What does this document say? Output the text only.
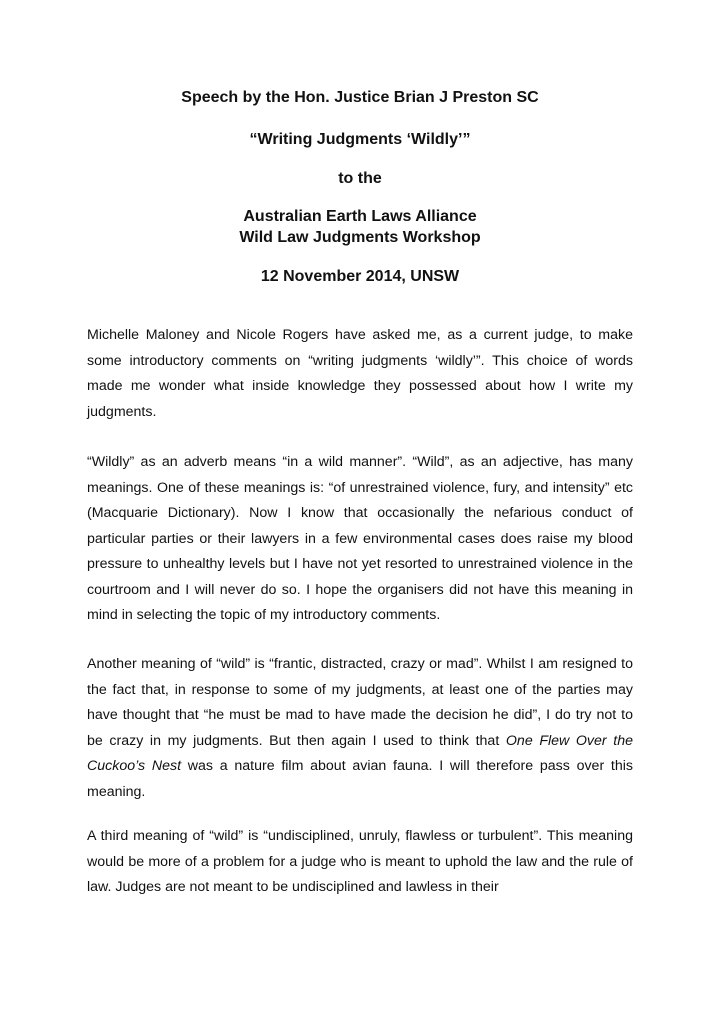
Speech by the Hon. Justice Brian J Preston SC
“Writing Judgments ‘Wildly’”
to the
Australian Earth Laws Alliance
Wild Law Judgments Workshop
12 November 2014, UNSW

Michelle Maloney and Nicole Rogers have asked me, as a current judge, to make some introductory comments on “writing judgments ‘wildly’”. This choice of words made me wonder what inside knowledge they possessed about how I write my judgments.

“Wildly” as an adverb means “in a wild manner”. “Wild”, as an adjective, has many meanings. One of these meanings is: “of unrestrained violence, fury, and intensity” etc (Macquarie Dictionary). Now I know that occasionally the nefarious conduct of particular parties or their lawyers in a few environmental cases does raise my blood pressure to unhealthy levels but I have not yet resorted to unrestrained violence in the courtroom and I will never do so. I hope the organisers did not have this meaning in mind in selecting the topic of my introductory comments.

Another meaning of “wild” is “frantic, distracted, crazy or mad”. Whilst I am resigned to the fact that, in response to some of my judgments, at least one of the parties may have thought that “he must be mad to have made the decision he did”, I do try not to be crazy in my judgments. But then again I used to think that One Flew Over the Cuckoo’s Nest was a nature film about avian fauna. I will therefore pass over this meaning.

A third meaning of “wild” is “undisciplined, unruly, flawless or turbulent”. This meaning would be more of a problem for a judge who is meant to uphold the law and the rule of law. Judges are not meant to be undisciplined and lawless in their
